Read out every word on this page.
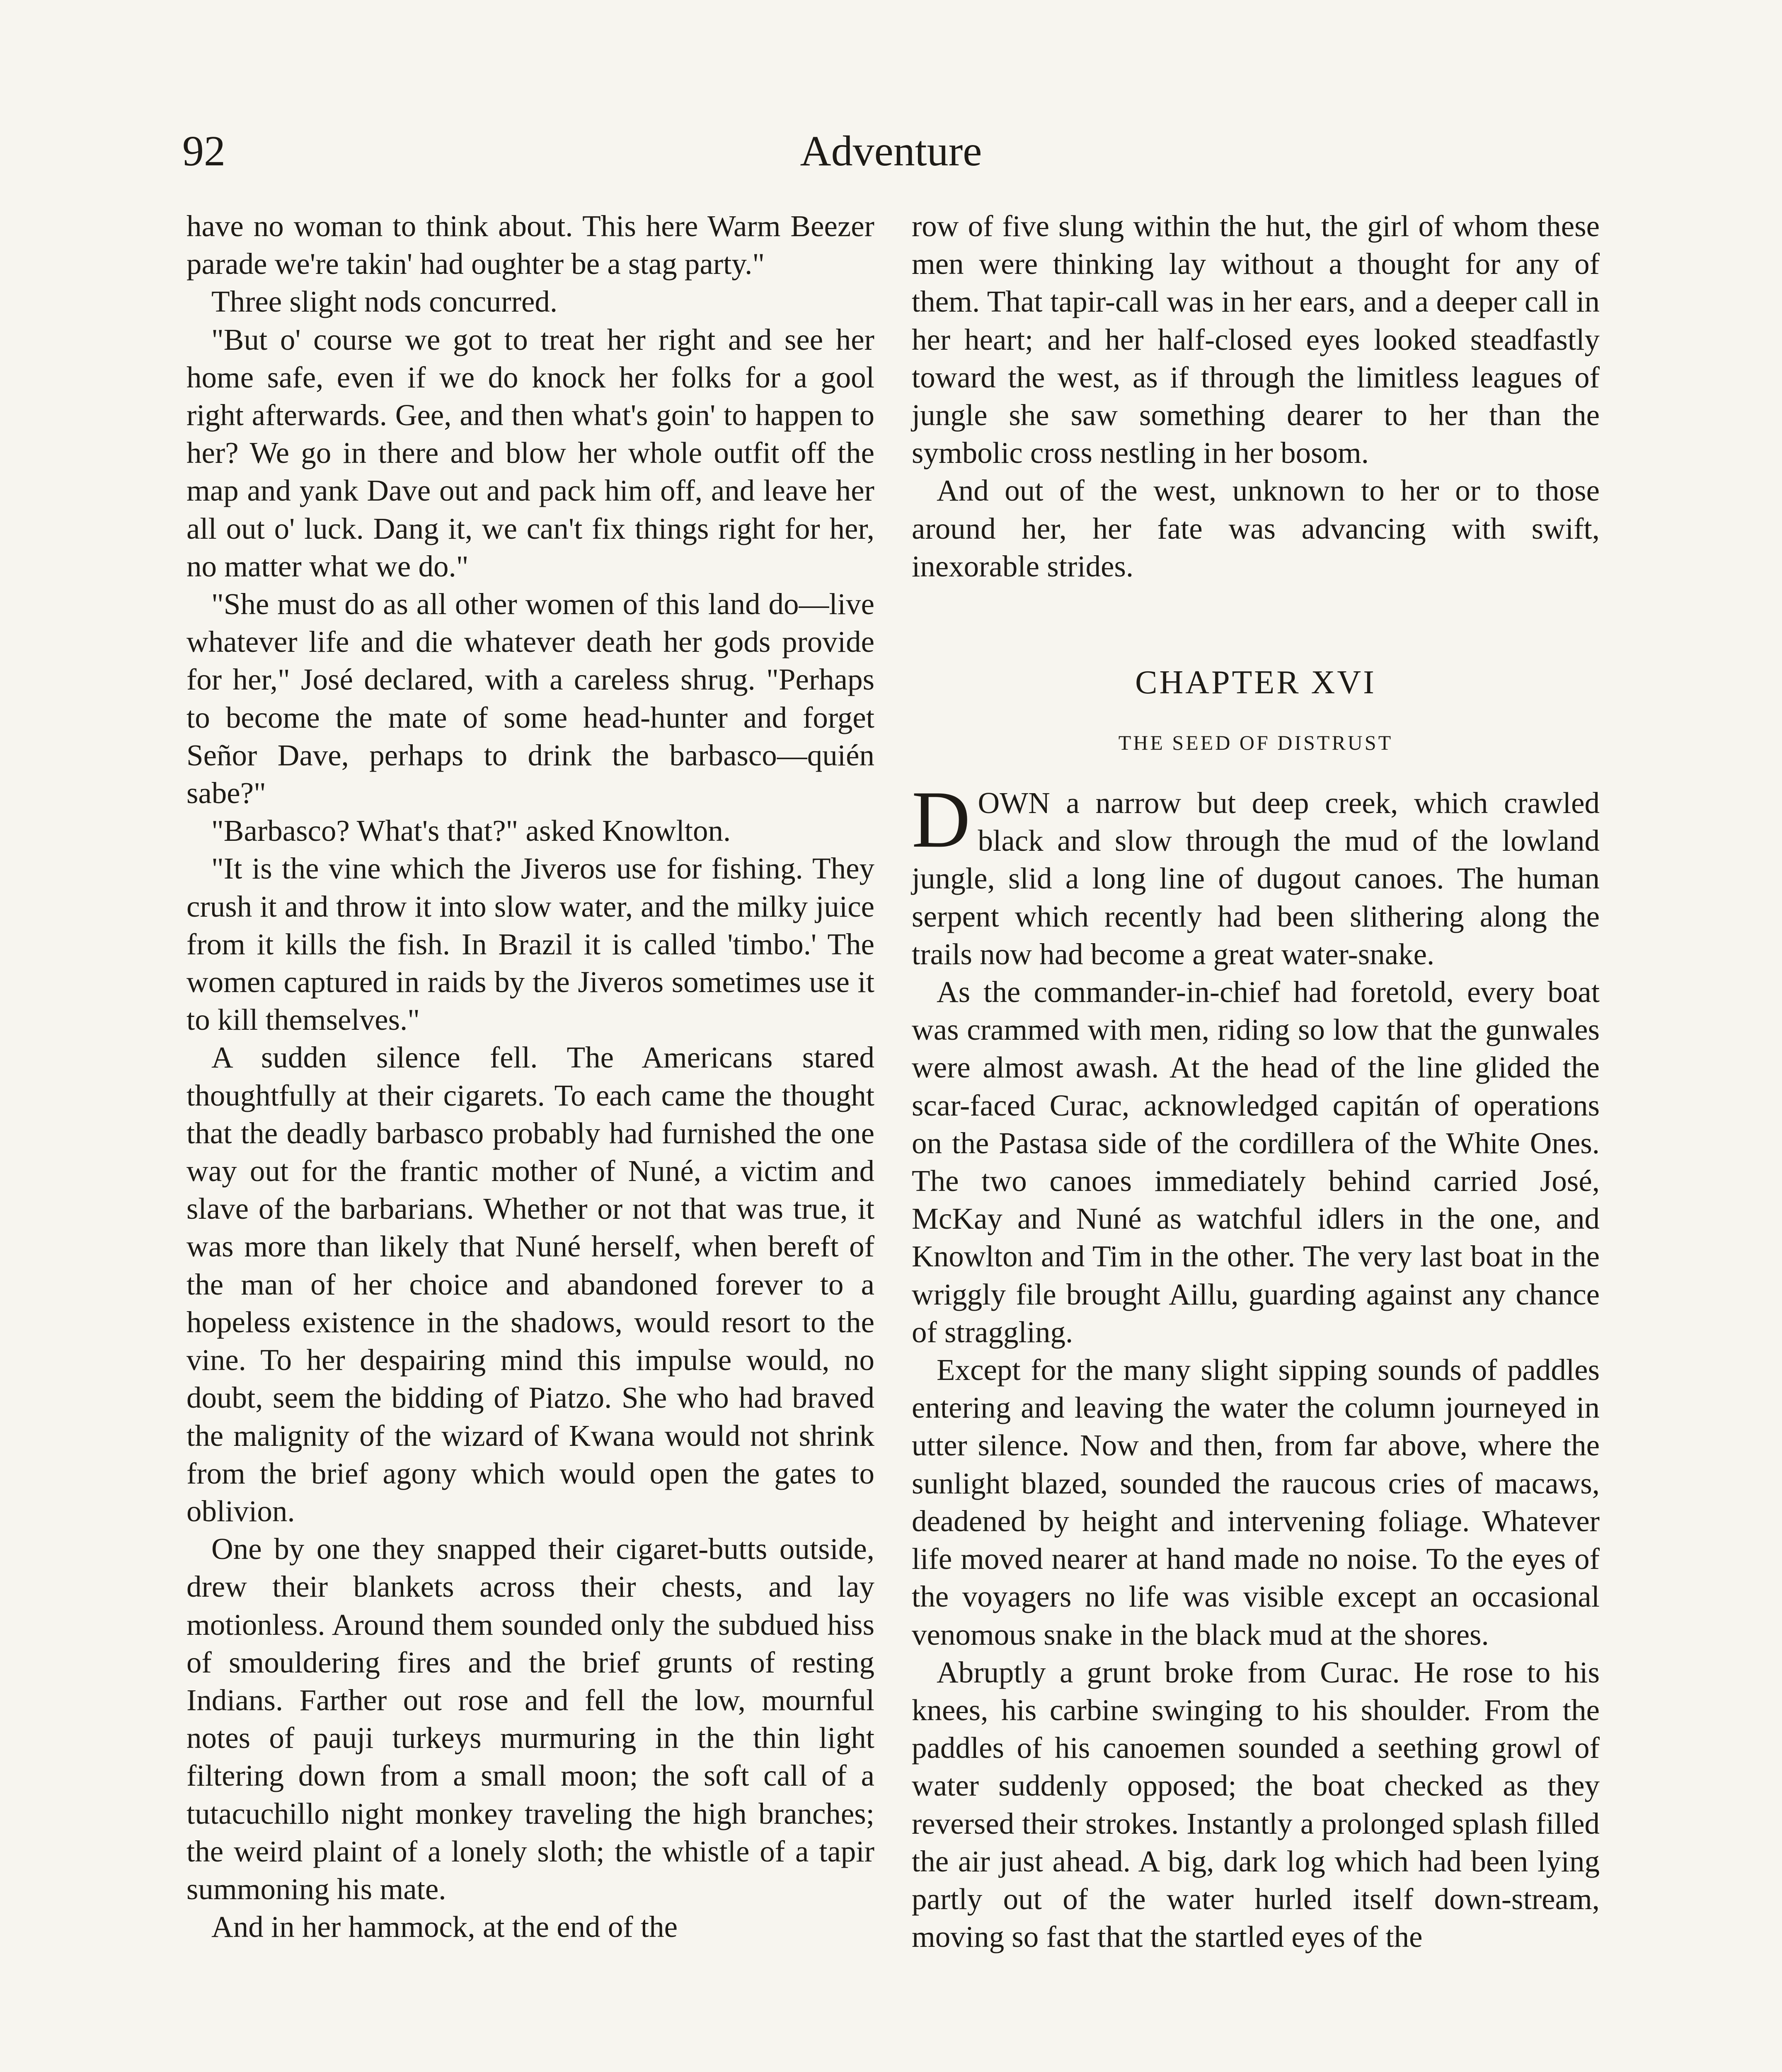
92	Adventure

have no woman to think about. This here Warm Beezer parade we're takin' had oughter be a stag party."

Three slight nods concurred.

"But o' course we got to treat her right and see her home safe, even if we do knock her folks for a gool right afterwards. Gee, and then what's goin' to happen to her? We go in there and blow her whole outfit off the map and yank Dave out and pack him off, and leave her all out o' luck. Dang it, we can't fix things right for her, no matter what we do."

"She must do as all other women of this land do—live whatever life and die whatever death her gods provide for her," José declared, with a careless shrug. "Perhaps to become the mate of some head-hunter and forget Señor Dave, perhaps to drink the barbasco—quién sabe?"

"Barbasco? What's that?" asked Knowlton.

"It is the vine which the Jiveros use for fishing. They crush it and throw it into slow water, and the milky juice from it kills the fish. In Brazil it is called 'timbo.' The women captured in raids by the Jiveros sometimes use it to kill themselves."

A sudden silence fell. The Americans stared thoughtfully at their cigarets. To each came the thought that the deadly barbasco probably had furnished the one way out for the frantic mother of Nuné, a victim and slave of the barbarians. Whether or not that was true, it was more than likely that Nuné herself, when bereft of the man of her choice and abandoned forever to a hopeless existence in the shadows, would resort to the vine. To her despairing mind this impulse would, no doubt, seem the bidding of Piatzo. She who had braved the malignity of the wizard of Kwana would not shrink from the brief agony which would open the gates to oblivion.

One by one they snapped their cigaret-butts outside, drew their blankets across their chests, and lay motionless. Around them sounded only the subdued hiss of smouldering fires and the brief grunts of resting Indians. Farther out rose and fell the low, mournful notes of pauji turkeys murmuring in the thin light filtering down from a small moon; the soft call of a tutacuchillo night monkey traveling the high branches; the weird plaint of a lonely sloth; the whistle of a tapir summoning his mate.

And in her hammock, at the end of the

row of five slung within the hut, the girl of whom these men were thinking lay without a thought for any of them. That tapir-call was in her ears, and a deeper call in her heart; and her half-closed eyes looked steadfastly toward the west, as if through the limitless leagues of jungle she saw something dearer to her than the symbolic cross nestling in her bosom.

And out of the west, unknown to her or to those around her, her fate was advancing with swift, inexorable strides.

CHAPTER XVI
THE SEED OF DISTRUST

DOWN a narrow but deep creek, which crawled black and slow through the mud of the lowland jungle, slid a long line of dugout canoes. The human serpent which recently had been slithering along the trails now had become a great water-snake.

As the commander-in-chief had foretold, every boat was crammed with men, riding so low that the gunwales were almost awash. At the head of the line glided the scar-faced Curac, acknowledged capitán of operations on the Pastasa side of the cordillera of the White Ones. The two canoes immediately behind carried José, McKay and Nuné as watchful idlers in the one, and Knowlton and Tim in the other. The very last boat in the wriggly file brought Aillu, guarding against any chance of straggling.

Except for the many slight sipping sounds of paddles entering and leaving the water the column journeyed in utter silence. Now and then, from far above, where the sunlight blazed, sounded the raucous cries of macaws, deadened by height and intervening foliage. Whatever life moved nearer at hand made no noise. To the eyes of the voyagers no life was visible except an occasional venomous snake in the black mud at the shores.

Abruptly a grunt broke from Curac. He rose to his knees, his carbine swinging to his shoulder. From the paddles of his canoemen sounded a seething growl of water suddenly opposed; the boat checked as they reversed their strokes. Instantly a prolonged splash filled the air just ahead. A big, dark log which had been lying partly out of the water hurled itself down-stream, moving so fast that the startled eyes of the
